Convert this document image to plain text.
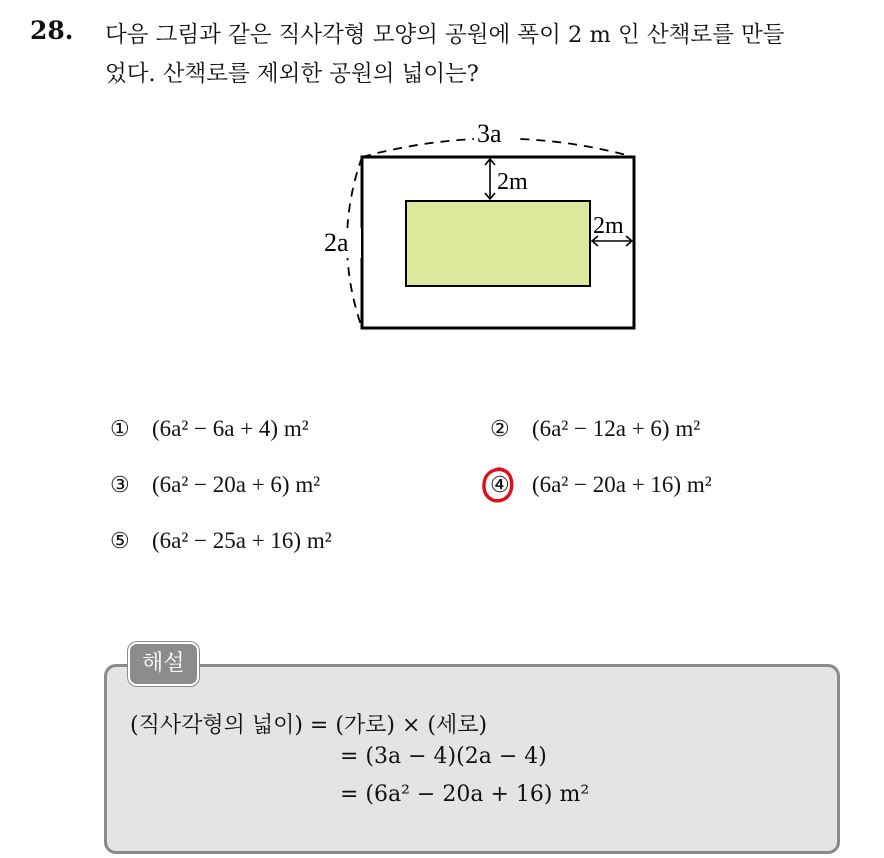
28. 다음 그림과 같은 직사각형 모양의 공원에 폭이 2 m 인 산책로를 만들
었다. 산책로를 제외한 공원의 넓이는?
3a
2a
2m
2m
① (6a² − 6a + 4) m²	② (6a² − 12a + 6) m²
③ (6a² − 20a + 6) m²	④ (6a² − 20a + 16) m²
⑤ (6a² − 25a + 16) m²
해설
(직사각형의 넓이) = (가로) × (세로)
= (3a − 4)(2a − 4)
= (6a² − 20a + 16) m²
